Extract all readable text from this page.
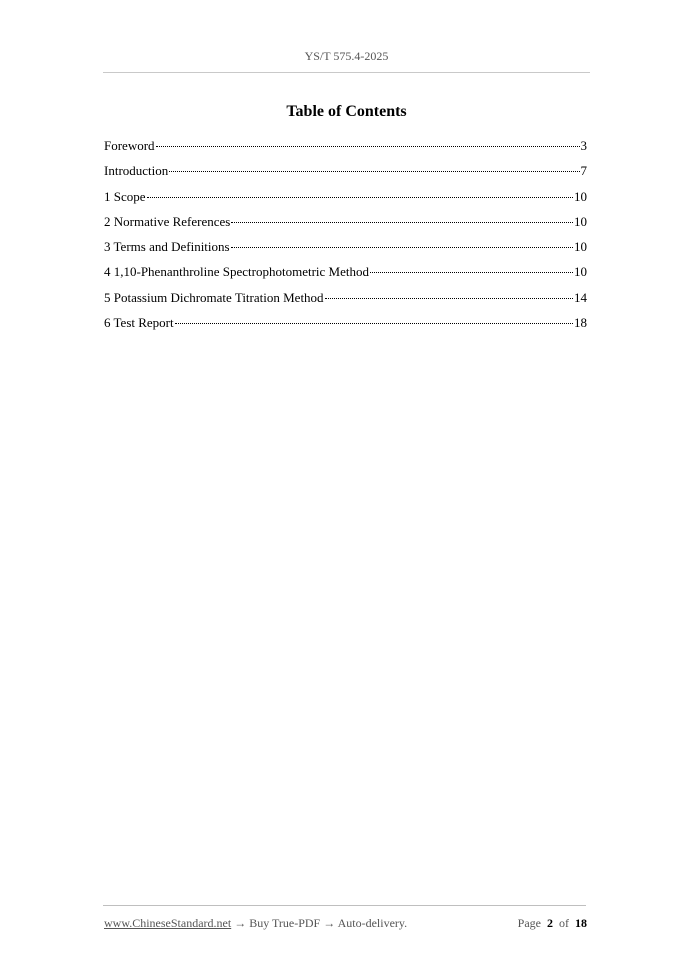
YS/T 575.4-2025
Table of Contents
Foreword	3
Introduction	7
1 Scope	10
2 Normative References	10
3 Terms and Definitions	10
4 1,10-Phenanthroline Spectrophotometric Method	10
5 Potassium Dichromate Titration Method	14
6 Test Report	18
www.ChineseStandard.net → Buy True-PDF → Auto-delivery.	Page 2 of 18
